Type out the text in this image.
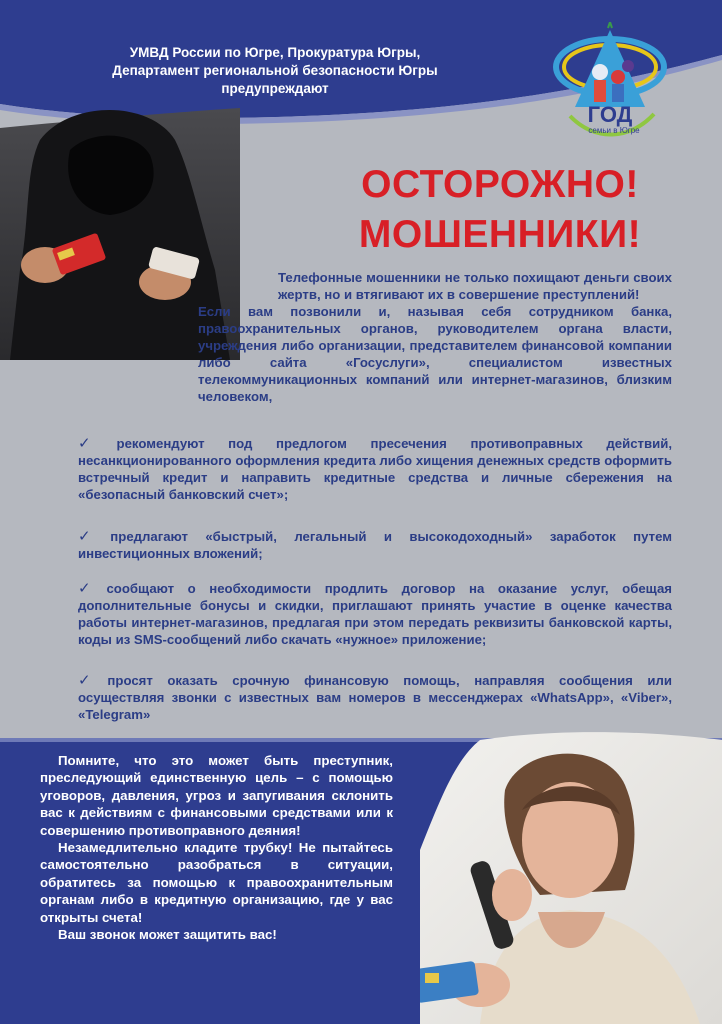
УМВД России по Югре, Прокуратура Югры,
Департамент региональной безопасности Югры
предупреждают
ГОД
семьи в Югре
ОСТОРОЖНО!
МОШЕННИКИ!

Телефонные мошенники не только похищают деньги своих жертв, но и втягивают их в совершение преступлений!

Если вам позвонили и, называя себя сотрудником банка, правоохранительных органов, руководителем органа власти, учреждения либо организации, представителем финансовой компании либо сайта «Госуслуги», специалистом известных телекоммуникационных компаний или интернет-магазинов, близким человеком,

✓ рекомендуют под предлогом пресечения противоправных действий, несанкционированного оформления кредита либо хищения денежных средств оформить встречный кредит и направить кредитные средства и личные сбережения на «безопасный банковский счет»;
✓ предлагают «быстрый, легальный и высокодоходный» заработок путем инвестиционных вложений;
✓ сообщают о необходимости продлить договор на оказание услуг, обещая дополнительные бонусы и скидки, приглашают принять участие в оценке качества работы интернет-магазинов, предлагая при этом передать реквизиты банковской карты, коды из SMS-сообщений либо скачать «нужное» приложение;
✓ просят оказать срочную финансовую помощь, направляя сообщения или осуществляя звонки с известных вам номеров в мессенджерах «WhatsApp», «Viber», «Telegram»

Помните, что это может быть преступник, преследующий единственную цель – с помощью уговоров, давления, угроз и запугивания склонить вас к действиям с финансовыми средствами или к совершению противоправного деяния!

Незамедлительно кладите трубку! Не пытайтесь самостоятельно разобраться в ситуации, обратитесь за помощью к правоохранительным органам либо в кредитную организацию, где у вас открыты счета!

Ваш звонок может защитить вас!
